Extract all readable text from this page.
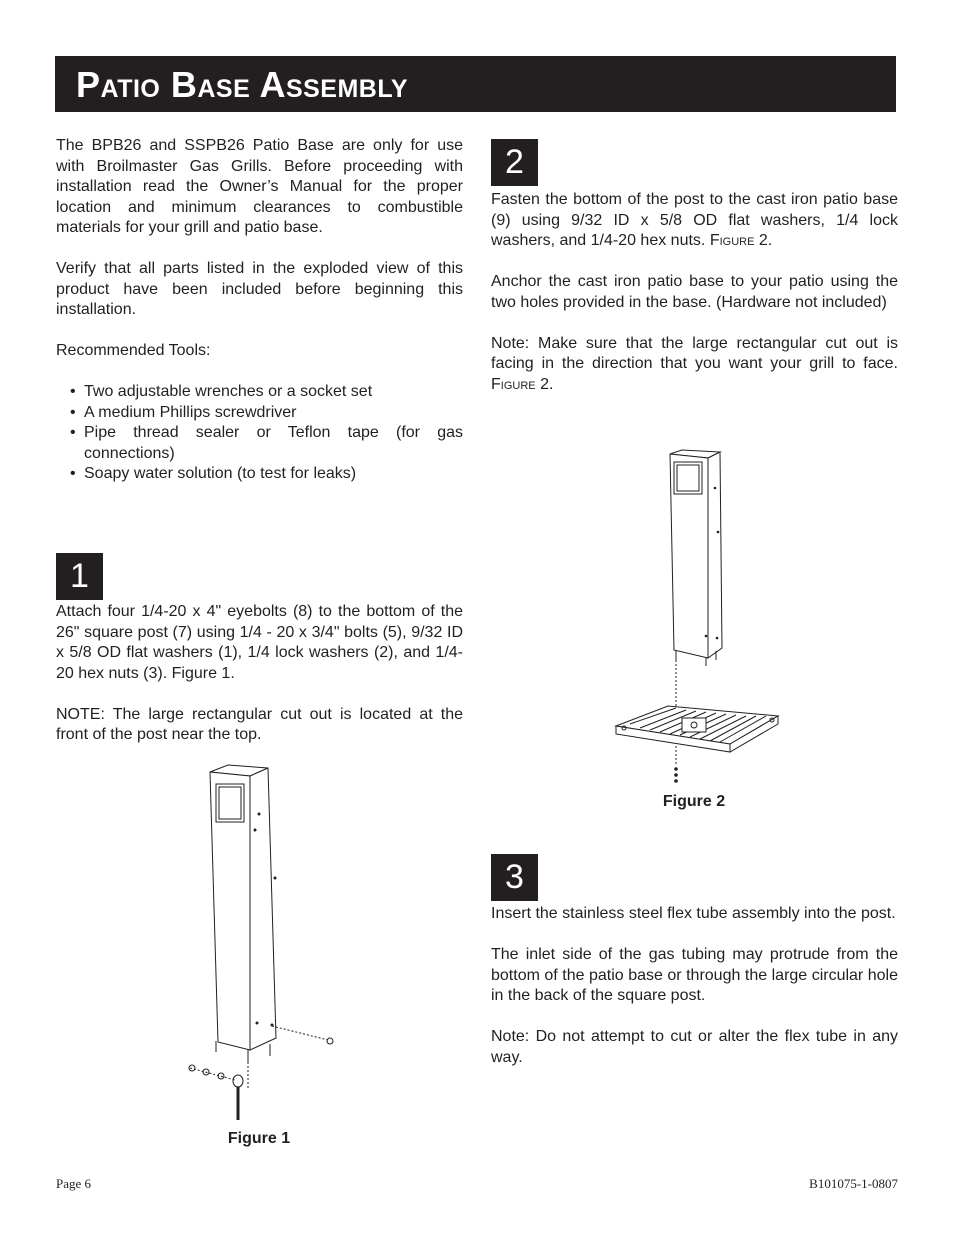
Patio Base Assembly

The BPB26 and SSPB26 Patio Base are only for use with Broilmaster Gas Grills. Before proceeding with installation read the Owner’s Manual for the proper location and minimum clearances to combustible materials for your grill and patio base.

Verify that all parts listed in the exploded view of this product have been included before beginning this installation.

Recommended Tools:

• Two adjustable wrenches or a socket set
• A medium Phillips screwdriver
• Pipe thread sealer or Teflon tape (for gas connections)
• Soapy water solution (to test for leaks)
1

Attach four 1/4-20 x 4" eyebolts (8) to the bottom of the 26" square post (7) using 1/4 - 20 x 3/4" bolts (5), 9/32 ID x 5/8 OD flat washers (1), 1/4 lock washers (2), and 1/4-20 hex nuts (3). Figure 1.

NOTE: The large rectangular cut out is located at the front of the post near the top.

Figure 1
2

Fasten the bottom of the post to the cast iron patio base (9) using 9/32 ID x 5/8 OD flat washers, 1/4 lock washers, and 1/4-20 hex nuts. Figure 2.

Anchor the cast iron patio base to your patio using the two holes provided in the base. (Hardware not included)

Note: Make sure that the large rectangular cut out is facing in the direction that you want your grill to face. Figure 2.

Figure 2
3

Insert the stainless steel flex tube assembly into the post.

The inlet side of the gas tubing may protrude from the bottom of the patio base or through the large circular hole in the back of the square post.

Note: Do not attempt to cut or alter the flex tube in any way.

Page 6	B101075-1-0807
